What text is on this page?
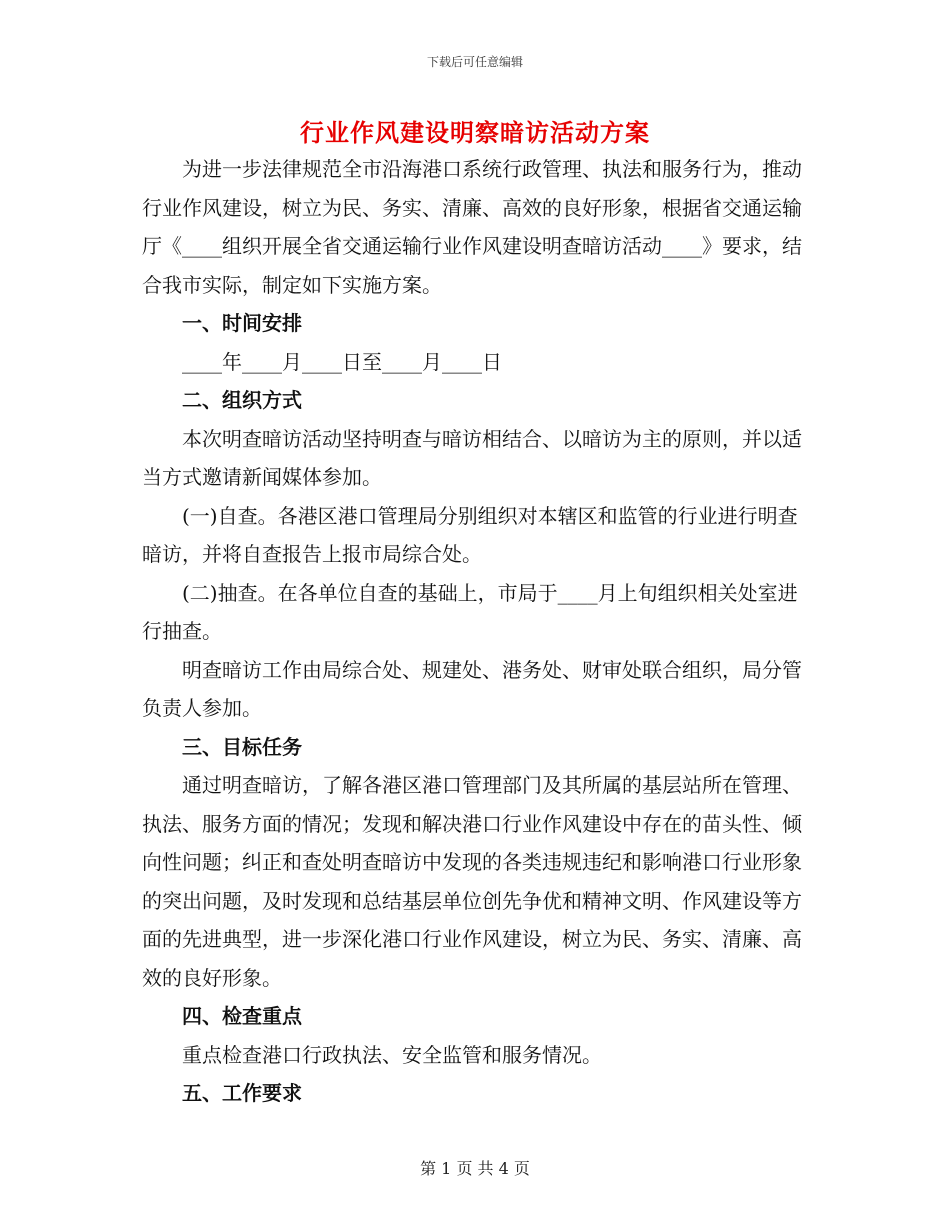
下载后可任意编辑
行业作风建设明察暗访活动方案

为进一步法律规范全市沿海港口系统行政管理、执法和服务行为，推动行业作风建设，树立为民、务实、清廉、高效的良好形象，根据省交通运输厅《____组织开展全省交通运输行业作风建设明查暗访活动____》要求，结合我市实际，制定如下实施方案。

一、时间安排

____年____月____日至____月____日

二、组织方式

本次明查暗访活动坚持明查与暗访相结合、以暗访为主的原则，并以适当方式邀请新闻媒体参加。

(一)自查。各港区港口管理局分别组织对本辖区和监管的行业进行明查暗访，并将自查报告上报市局综合处。

(二)抽查。在各单位自查的基础上，市局于____月上旬组织相关处室进行抽查。

明查暗访工作由局综合处、规建处、港务处、财审处联合组织，局分管负责人参加。

三、目标任务

通过明查暗访，了解各港区港口管理部门及其所属的基层站所在管理、执法、服务方面的情况；发现和解决港口行业作风建设中存在的苗头性、倾向性问题；纠正和查处明查暗访中发现的各类违规违纪和影响港口行业形象的突出问题，及时发现和总结基层单位创先争优和精神文明、作风建设等方面的先进典型，进一步深化港口行业作风建设，树立为民、务实、清廉、高效的良好形象。

四、检查重点

重点检查港口行政执法、安全监管和服务情况。

五、工作要求
第 1 页 共 4 页
